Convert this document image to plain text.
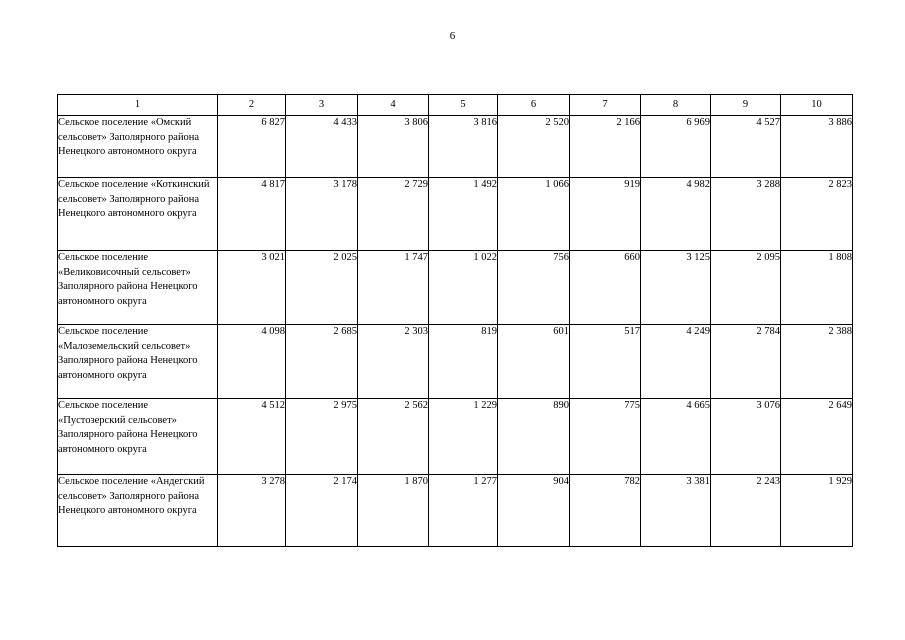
6
1	2	3	4	5	6	7	8	9	10
Сельское поселение «Омский сельсовет» Заполярного района Ненецкого автономного округа	6 827	4 433	3 806	3 816	2 520	2 166	6 969	4 527	3 886
Сельское поселение «Коткинский сельсовет» Заполярного района Ненецкого автономного округа	4 817	3 178	2 729	1 492	1 066	919	4 982	3 288	2 823
Сельское поселение «Великовисочный сельсовет» Заполярного района Ненецкого автономного округа	3 021	2 025	1 747	1 022	756	660	3 125	2 095	1 808
Сельское поселение «Малоземельский сельсовет» Заполярного района Ненецкого автономного округа	4 098	2 685	2 303	819	601	517	4 249	2 784	2 388
Сельское поселение «Пустозерский сельсовет» Заполярного района Ненецкого автономного округа	4 512	2 975	2 562	1 229	890	775	4 665	3 076	2 649
Сельское поселение «Андегский сельсовет» Заполярного района Ненецкого автономного округа	3 278	2 174	1 870	1 277	904	782	3 381	2 243	1 929
